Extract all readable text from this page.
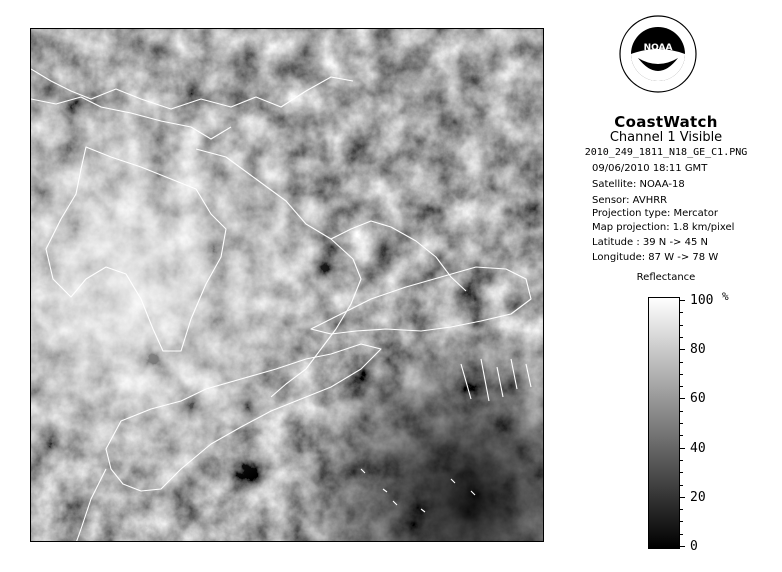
NOAA
CoastWatch
Channel 1 Visible
2010_249_1811_N18_GE_C1.PNG
09/06/2010 18:11 GMT
Satellite: NOAA-18
Sensor: AVHRR
Projection type: Mercator
Map projection: 1.8 km/pixel
Latitude : 39 N -> 45 N
Longitude: 87 W -> 78 W
Reflectance
%
100
80
60
40
20
0
